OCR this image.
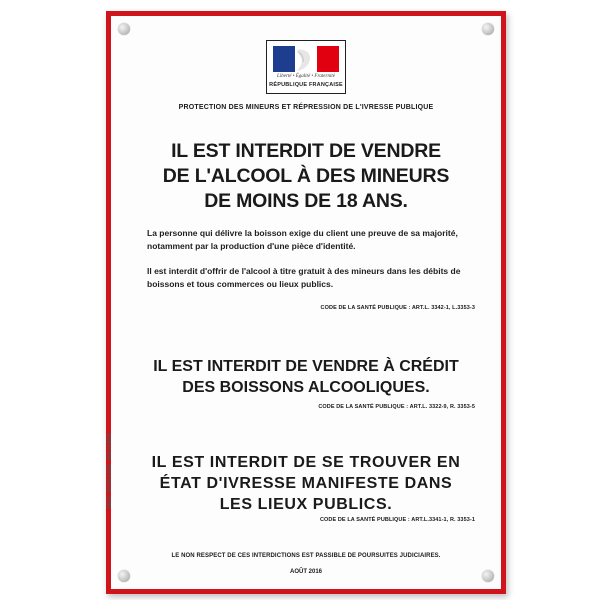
Liberté • Égalité • Fraternité
RÉPUBLIQUE FRANÇAISE
PROTECTION DES MINEURS ET RÉPRESSION DE L'IVRESSE PUBLIQUE
IL EST INTERDIT DE VENDRE
DE L'ALCOOL À DES MINEURS
DE MOINS DE 18 ANS.
La personne qui délivre la boisson exige du client une preuve de sa majorité, notamment par la production d'une pièce d'identité.
Il est interdit d'offrir de l'alcool à titre gratuit à des mineurs dans les débits de boissons et tous commerces ou lieux publics.
CODE DE LA SANTÉ PUBLIQUE : ART.L. 3342-1, L.3353-3
IL EST INTERDIT DE VENDRE À CRÉDIT
DES BOISSONS ALCOOLIQUES.
CODE DE LA SANTÉ PUBLIQUE : ART.L. 3322-9, R. 3353-5
IL EST INTERDIT DE SE TROUVER EN
ÉTAT D'IVRESSE MANIFESTE DANS
LES LIEUX PUBLICS.
CODE DE LA SANTÉ PUBLIQUE : ART.L.3341-1, R. 3353-1
LE NON RESPECT DE CES INTERDICTIONS EST PASSIBLE DE POURSUITES JUDICIAIRES.
AOÛT 2016
SEDI - 30700 UZÈS - Réf.104830
